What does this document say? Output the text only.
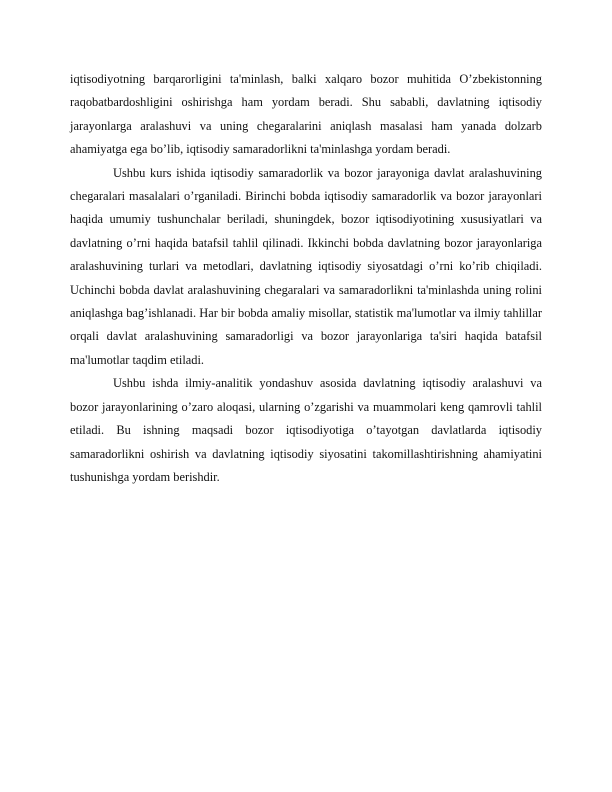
iqtisodiyotning barqarorligini ta'minlash, balki xalqaro bozor muhitida O’zbekistonning raqobatbardoshligini oshirishga ham yordam beradi. Shu sababli, davlatning iqtisodiy jarayonlarga aralashuvi va uning chegaralarini aniqlash masalasi ham yanada dolzarb ahamiyatga ega bo’lib, iqtisodiy samaradorlikni ta'minlashga yordam beradi.

Ushbu kurs ishida iqtisodiy samaradorlik va bozor jarayoniga davlat aralashuvining chegaralari masalalari o’rganiladi. Birinchi bobda iqtisodiy samaradorlik va bozor jarayonlari haqida umumiy tushunchalar beriladi, shuningdek, bozor iqtisodiyotining xususiyatlari va davlatning o’rni haqida batafsil tahlil qilinadi. Ikkinchi bobda davlatning bozor jarayonlariga aralashuvining turlari va metodlari, davlatning iqtisodiy siyosatdagi o’rni ko’rib chiqiladi. Uchinchi bobda davlat aralashuvining chegaralari va samaradorlikni ta'minlashda uning rolini aniqlashga bag’ishlanadi. Har bir bobda amaliy misollar, statistik ma'lumotlar va ilmiy tahlillar orqali davlat aralashuvining samaradorligi va bozor jarayonlariga ta'siri haqida batafsil ma'lumotlar taqdim etiladi.

Ushbu ishda ilmiy-analitik yondashuv asosida davlatning iqtisodiy aralashuvi va bozor jarayonlarining o’zaro aloqasi, ularning o’zgarishi va muammolari keng qamrovli tahlil etiladi. Bu ishning maqsadi bozor iqtisodiyotiga o’tayotgan davlatlarda iqtisodiy samaradorlikni oshirish va davlatning iqtisodiy siyosatini takomillashtirishning ahamiyatini tushunishga yordam berishdir.
